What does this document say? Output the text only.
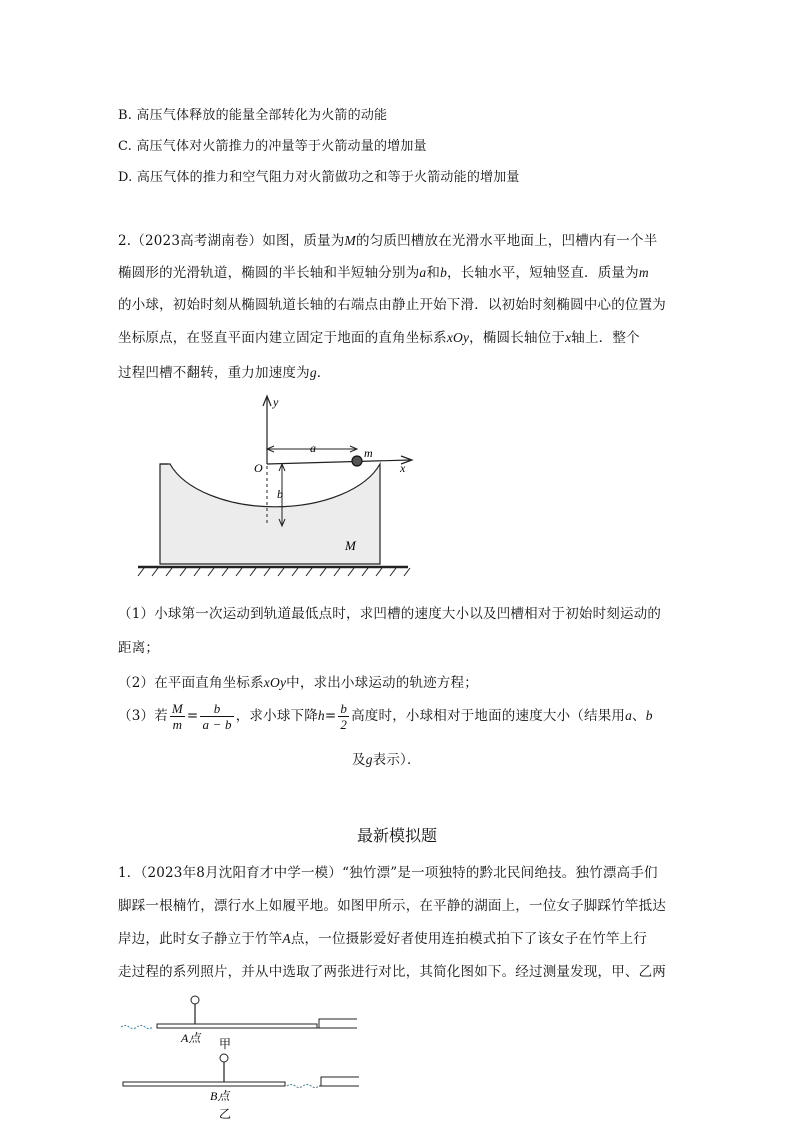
B. 高压气体释放的能量全部转化为火箭的动能
C. 高压气体对火箭推力的冲量等于火箭动量的增加量
D. 高压气体的推力和空气阻力对火箭做功之和等于火箭动能的增加量
2.（2023高考湖南卷）如图，质量为M的匀质凹槽放在光滑水平地面上，凹槽内有一个半
椭圆形的光滑轨道，椭圆的半长轴和半短轴分别为a和b，长轴水平，短轴竖直．质量为m
的小球，初始时刻从椭圆轨道长轴的右端点由静止开始下滑．以初始时刻椭圆中心的位置为
坐标原点，在竖直平面内建立固定于地面的直角坐标系xOy，椭圆长轴位于x轴上．整个
过程凹槽不翻转，重力加速度为g．
y
x
O
a
b
m
M
（1）小球第一次运动到轨道最低点时，求凹槽的速度大小以及凹槽相对于初始时刻运动的
距离；
（2）在平面直角坐标系xOy中，求出小球运动的轨迹方程；
（3）若 $\frac{M}{m} = \frac{b}{a - b}$ ，求小球下降$h= \frac{b}{2}$ 高度时，小球相对于地面的速度大小（结果用a、b
及g表示）．
最新模拟题
1．（2023年8月沈阳育才中学一模）“独竹漂”是一项独特的黔北民间绝技。独竹漂高手们
脚踩一根楠竹，漂行水上如履平地。如图甲所示，在平静的湖面上，一位女子脚踩竹竿抵达
岸边，此时女子静立于竹竿A点，一位摄影爱好者使用连拍模式拍下了该女子在竹竿上行
走过程的系列照片，并从中选取了两张进行对比，其简化图如下。经过测量发现，甲、乙两
A点 甲
B点
乙
